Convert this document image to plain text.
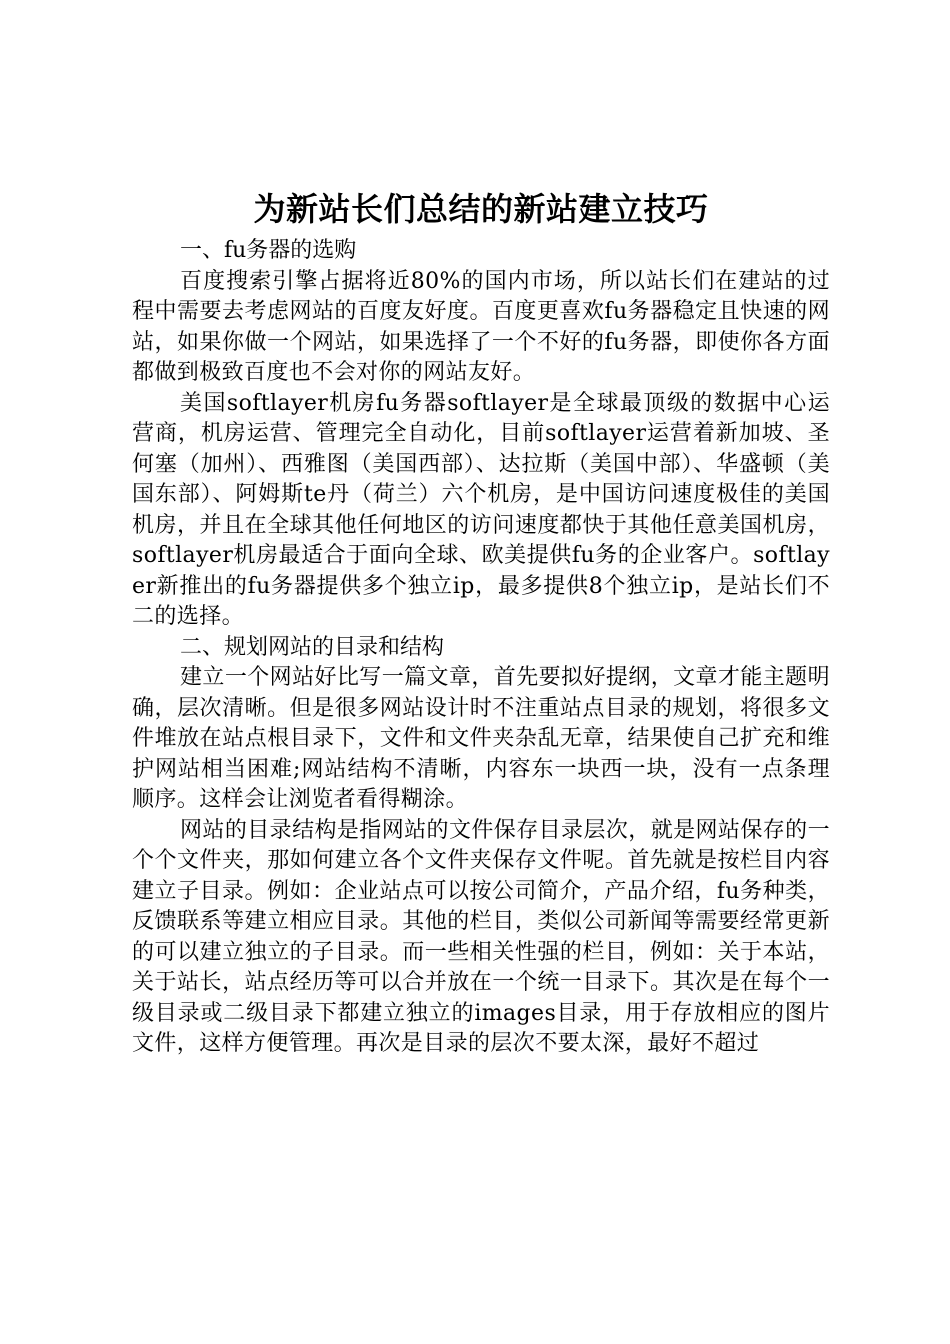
为新站长们总结的新站建立技巧

一、fu务器的选购

百度搜索引擎占据将近80%的国内市场，所以站长们在建站的过程中需要去考虑网站的百度友好度。百度更喜欢fu务器稳定且快速的网站，如果你做一个网站，如果选择了一个不好的fu务器，即使你各方面都做到极致百度也不会对你的网站友好。

美国softlayer机房fu务器softlayer是全球最顶级的数据中心运营商，机房运营、管理完全自动化，目前softlayer运营着新加坡、圣何塞（加州）、西雅图（美国西部）、达拉斯（美国中部）、华盛顿（美国东部）、阿姆斯te丹（荷兰）六个机房，是中国访问速度极佳的美国机房，并且在全球其他任何地区的访问速度都快于其他任意美国机房，softlayer机房最适合于面向全球、欧美提供fu务的企业客户。softlayer新推出的fu务器提供多个独立ip，最多提供8个独立ip，是站长们不二的选择。

二、规划网站的目录和结构

建立一个网站好比写一篇文章，首先要拟好提纲，文章才能主题明确，层次清晰。但是很多网站设计时不注重站点目录的规划，将很多文件堆放在站点根目录下，文件和文件夹杂乱无章，结果使自己扩充和维护网站相当困难;网站结构不清晰，内容东一块西一块，没有一点条理顺序。这样会让浏览者看得糊涂。

网站的目录结构是指网站的文件保存目录层次，就是网站保存的一个个文件夹，那如何建立各个文件夹保存文件呢。首先就是按栏目内容建立子目录。例如：企业站点可以按公司简介，产品介绍，fu务种类，反馈联系等建立相应目录。其他的栏目，类似公司新闻等需要经常更新的可以建立独立的子目录。而一些相关性强的栏目，例如：关于本站，关于站长，站点经历等可以合并放在一个统一目录下。其次是在每个一级目录或二级目录下都建立独立的images目录，用于存放相应的图片文件，这样方便管理。再次是目录的层次不要太深，最好不超过
